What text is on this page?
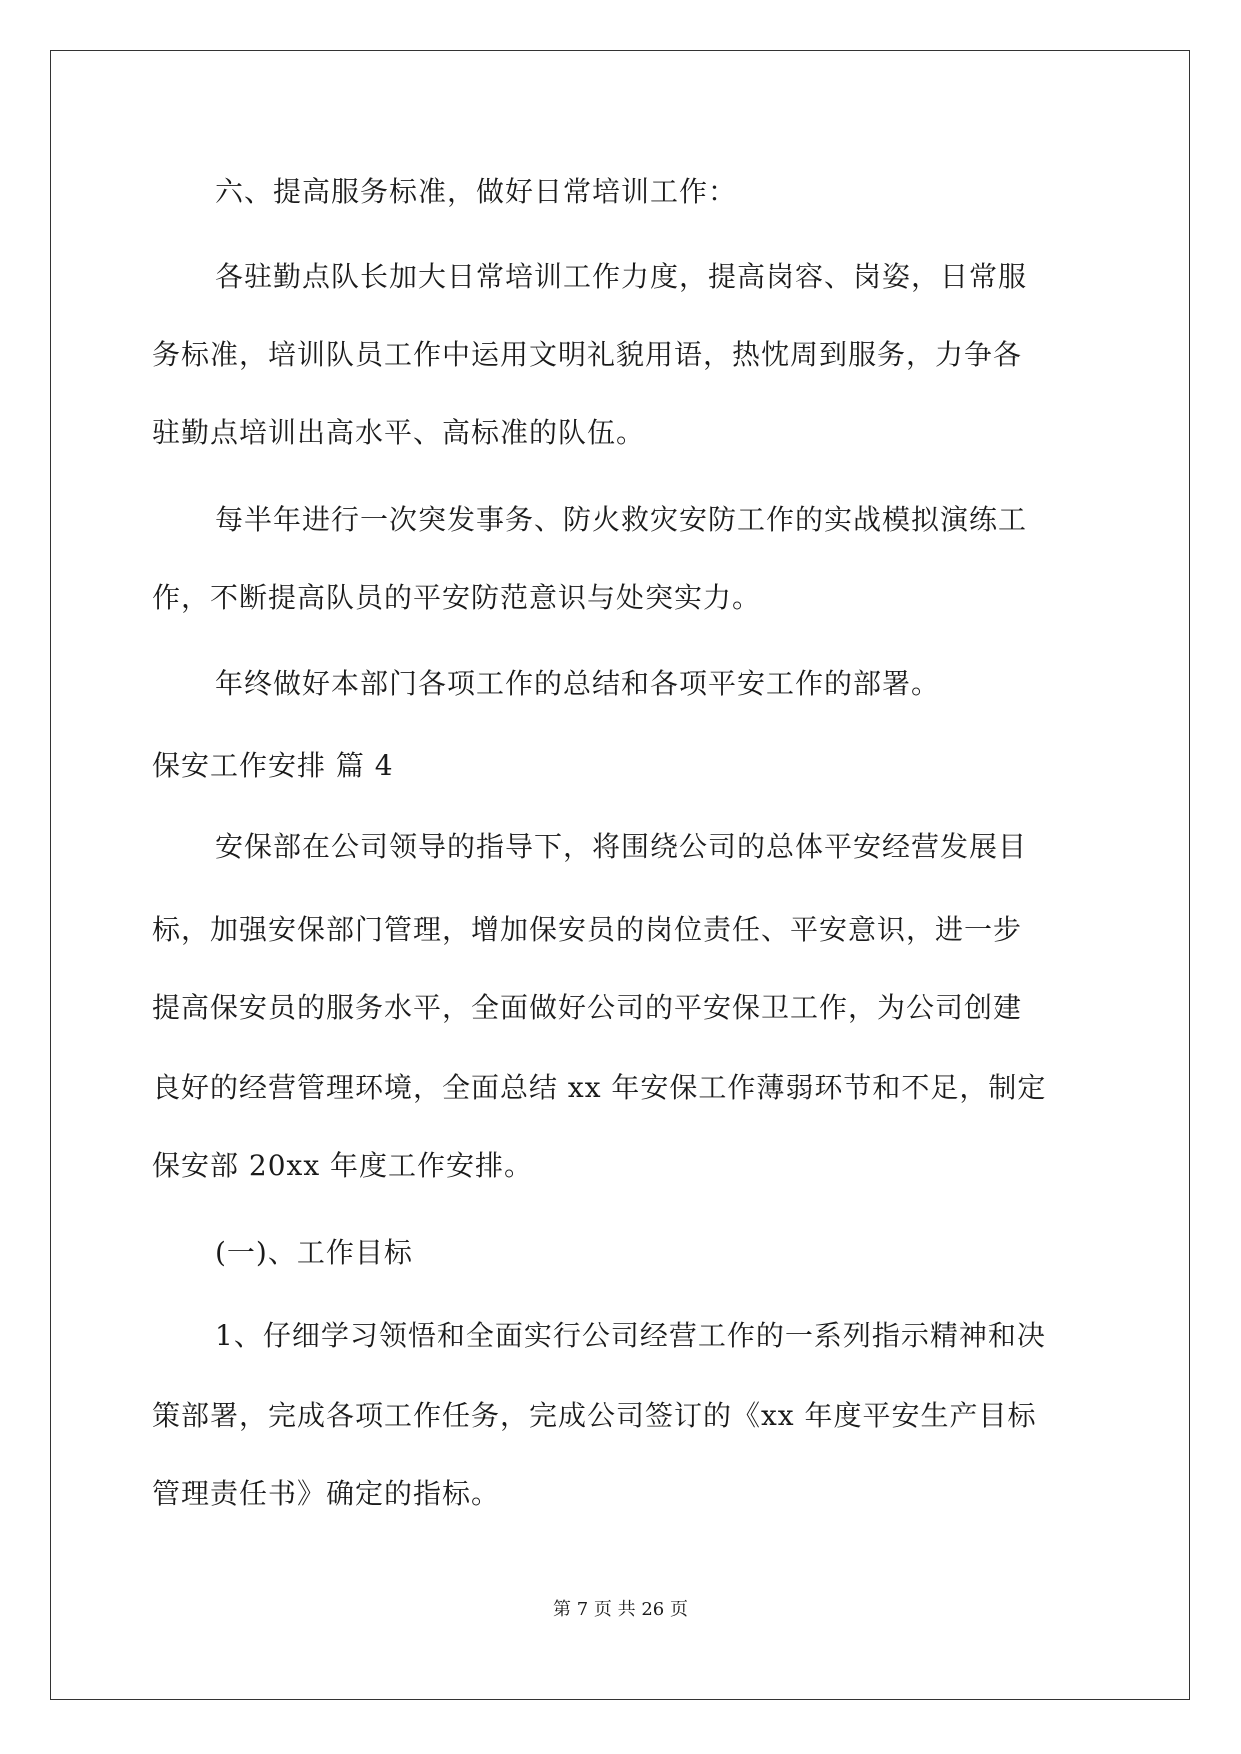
六、提高服务标准，做好日常培训工作：
各驻勤点队长加大日常培训工作力度，提高岗容、岗姿，日常服
务标准，培训队员工作中运用文明礼貌用语，热忱周到服务，力争各
驻勤点培训出高水平、高标准的队伍。
每半年进行一次突发事务、防火救灾安防工作的实战模拟演练工
作，不断提高队员的平安防范意识与处突实力。
年终做好本部门各项工作的总结和各项平安工作的部署。
保安工作安排 篇 4
安保部在公司领导的指导下，将围绕公司的总体平安经营发展目
标，加强安保部门管理，增加保安员的岗位责任、平安意识，进一步
提高保安员的服务水平，全面做好公司的平安保卫工作，为公司创建
良好的经营管理环境，全面总结 xx 年安保工作薄弱环节和不足，制定
保安部 20xx 年度工作安排。
(一)、工作目标
1、仔细学习领悟和全面实行公司经营工作的一系列指示精神和决
策部署，完成各项工作任务，完成公司签订的《xx 年度平安生产目标
管理责任书》确定的指标。
第 7 页 共 26 页
